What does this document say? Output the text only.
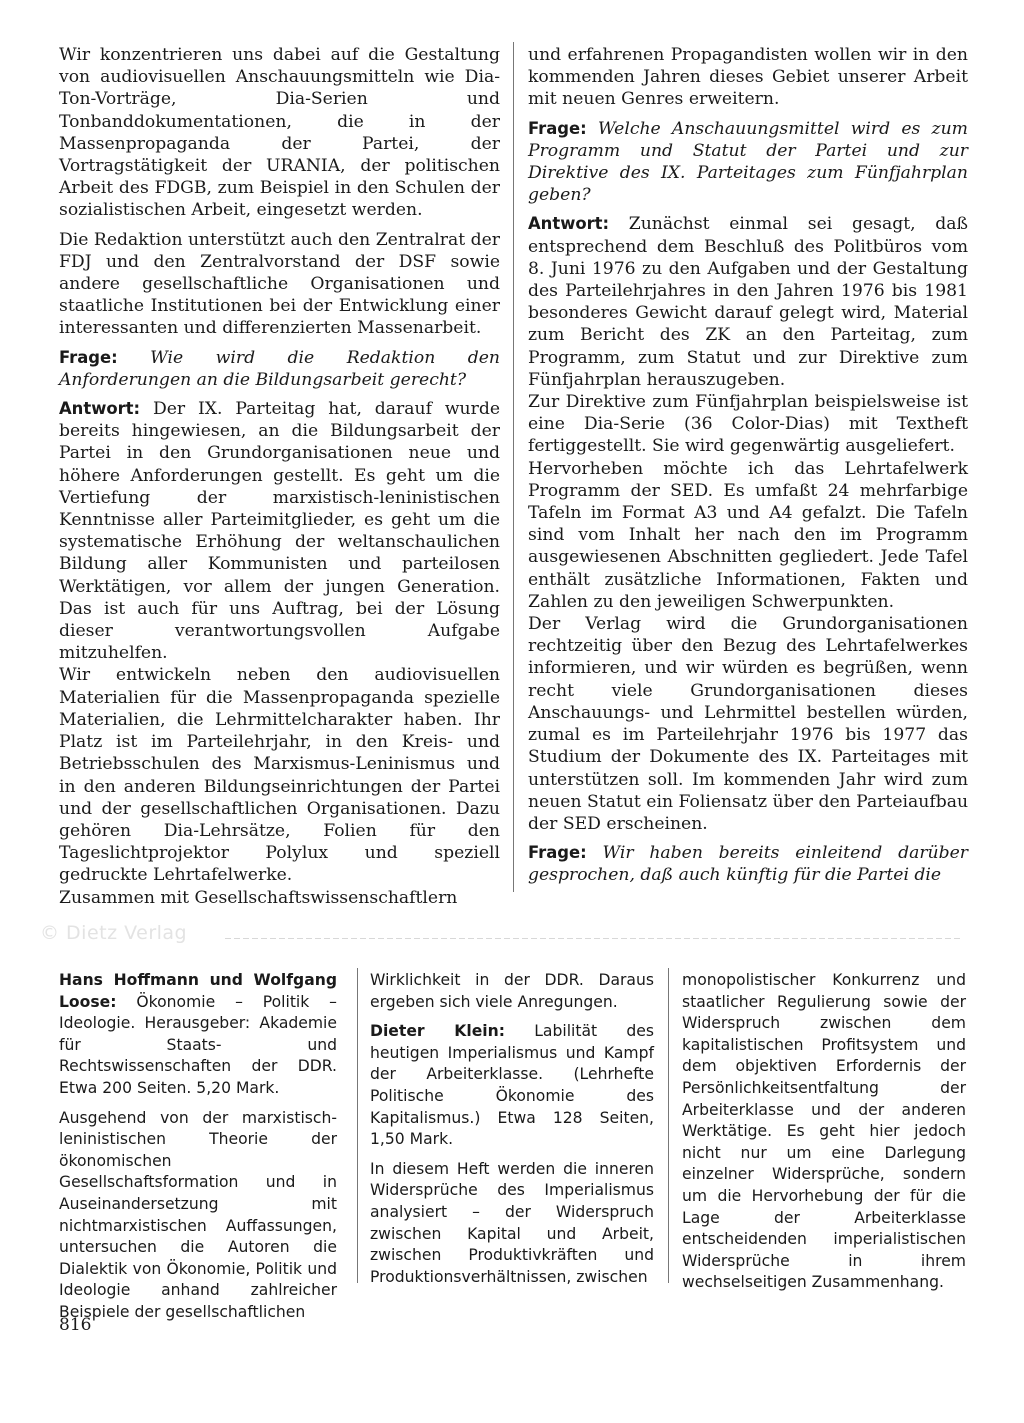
Wir konzentrieren uns dabei auf die Gestaltung von audiovisuellen Anschauungsmitteln wie Dia-Ton-Vorträge, Dia-Serien und Tonbanddokumentationen, die in der Massenpropaganda der Partei, der Vortragstätigkeit der URANIA, der politischen Arbeit des FDGB, zum Beispiel in den Schulen der sozialistischen Arbeit, eingesetzt werden.

Die Redaktion unterstützt auch den Zentralrat der FDJ und den Zentralvorstand der DSF sowie andere gesellschaftliche Organisationen und staatliche Institutionen bei der Entwicklung einer interessanten und differenzierten Massenarbeit.

Frage: Wie wird die Redaktion den Anforderungen an die Bildungsarbeit gerecht?

Antwort: Der IX. Parteitag hat, darauf wurde bereits hingewiesen, an die Bildungsarbeit der Partei in den Grundorganisationen neue und höhere Anforderungen gestellt. Es geht um die Vertiefung der marxistisch-leninistischen Kenntnisse aller Parteimitglieder, es geht um die systematische Erhöhung der weltanschaulichen Bildung aller Kommunisten und parteilosen Werktätigen, vor allem der jungen Generation. Das ist auch für uns Auftrag, bei der Lösung dieser verantwortungsvollen Aufgabe mitzuhelfen.

Wir entwickeln neben den audiovisuellen Materialien für die Massenpropaganda spezielle Materialien, die Lehrmittelcharakter haben. Ihr Platz ist im Parteilehrjahr, in den Kreis- und Betriebsschulen des Marxismus-Leninismus und in den anderen Bildungseinrichtungen der Partei und der gesellschaftlichen Organisationen. Dazu gehören Dia-Lehrsätze, Folien für den Tageslichtprojektor Polylux und speziell gedruckte Lehrtafelwerke.

Zusammen mit Gesellschaftswissenschaftlern

und erfahrenen Propagandisten wollen wir in den kommenden Jahren dieses Gebiet unserer Arbeit mit neuen Genres erweitern.

Frage: Welche Anschauungsmittel wird es zum Programm und Statut der Partei und zur Direktive des IX. Parteitages zum Fünfjahrplan geben?

Antwort: Zunächst einmal sei gesagt, daß entsprechend dem Beschluß des Politbüros vom 8. Juni 1976 zu den Aufgaben und der Gestaltung des Parteilehrjahres in den Jahren 1976 bis 1981 besonderes Gewicht darauf gelegt wird, Material zum Bericht des ZK an den Parteitag, zum Programm, zum Statut und zur Direktive zum Fünfjahrplan herauszugeben.

Zur Direktive zum Fünfjahrplan beispielsweise ist eine Dia-Serie (36 Color-Dias) mit Textheft fertiggestellt. Sie wird gegenwärtig ausgeliefert.

Hervorheben möchte ich das Lehrtafelwerk Programm der SED. Es umfaßt 24 mehrfarbige Tafeln im Format A3 und A4 gefalzt. Die Tafeln sind vom Inhalt her nach den im Programm ausgewiesenen Abschnitten gegliedert. Jede Tafel enthält zusätzliche Informationen, Fakten und Zahlen zu den jeweiligen Schwerpunkten.

Der Verlag wird die Grundorganisationen rechtzeitig über den Bezug des Lehrtafelwerkes informieren, und wir würden es begrüßen, wenn recht viele Grundorganisationen dieses Anschauungs- und Lehrmittel bestellen würden, zumal es im Parteilehrjahr 1976 bis 1977 das Studium der Dokumente des IX. Parteitages mit unterstützen soll. Im kommenden Jahr wird zum neuen Statut ein Foliensatz über den Parteiaufbau der SED erscheinen.

Frage: Wir haben bereits einleitend darüber gesprochen, daß auch künftig für die Partei die

© Dietz Verlag

Hans Hoffmann und Wolfgang Loose: Ökonomie – Politik – Ideologie. Herausgeber: Akademie für Staats- und Rechtswissenschaften der DDR. Etwa 200 Seiten. 5,20 Mark.

Ausgehend von der marxistisch-leninistischen Theorie der ökonomischen Gesellschaftsformation und in Auseinandersetzung mit nichtmarxistischen Auffassungen, untersuchen die Autoren die Dialektik von Ökonomie, Politik und Ideologie anhand zahlreicher Beispiele der gesellschaftlichen

Wirklichkeit in der DDR. Daraus ergeben sich viele Anregungen.

Dieter Klein: Labilität des heutigen Imperialismus und Kampf der Arbeiterklasse. (Lehrhefte Politische Ökonomie des Kapitalismus.) Etwa 128 Seiten, 1,50 Mark.

In diesem Heft werden die inneren Widersprüche des Imperialismus analysiert – der Widerspruch zwischen Kapital und Arbeit, zwischen Produktivkräften und Produktionsverhältnissen, zwischen

monopolistischer Konkurrenz und staatlicher Regulierung sowie der Widerspruch zwischen dem kapitalistischen Profitsystem und dem objektiven Erfordernis der Persönlichkeitsentfaltung der Arbeiterklasse und der anderen Werktätige. Es geht hier jedoch nicht nur um eine Darlegung einzelner Widersprüche, sondern um die Hervorhebung der für die Lage der Arbeiterklasse entscheidenden imperialistischen Widersprüche in ihrem wechselseitigen Zusammenhang.

816
